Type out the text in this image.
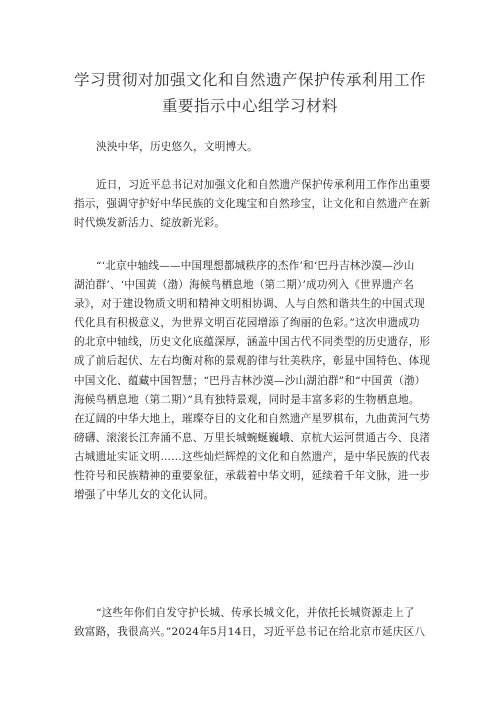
学习贯彻对加强文化和自然遗产保护传承利用工作
重要指示中心组学习材料
泱泱中华，历史悠久，文明博大。
近日，习近平总书记对加强文化和自然遗产保护传承利用工作作出重要
指示，强调守护好中华民族的文化瑰宝和自然珍宝，让文化和自然遗产在新
时代焕发新活力、绽放新光彩。
“‘北京中轴线——中国理想都城秩序的杰作’和‘巴丹吉林沙漠—沙山
湖泊群’、‘中国黄（渤）海候鸟栖息地（第二期）’成功列入《世界遗产名
录》，对于建设物质文明和精神文明相协调、人与自然和谐共生的中国式现
代化具有积极意义，为世界文明百花园增添了绚丽的色彩。”这次申遗成功
的北京中轴线，历史文化底蕴深厚，涵盖中国古代不同类型的历史遗存，形
成了前后起伏、左右均衡对称的景观韵律与壮美秩序，彰显中国特色、体现
中国文化、蕴藏中国智慧；“巴丹吉林沙漠—沙山湖泊群”和“中国黄（渤）
海候鸟栖息地（第二期）”具有独特景观，同时是丰富多彩的生物栖息地。
在辽阔的中华大地上，璀璨夺目的文化和自然遗产星罗棋布，九曲黄河气势
磅礴、滚滚长江奔涌不息、万里长城蜿蜒巍峨、京杭大运河贯通古今、良渚
古城遗址实证文明……这些灿烂辉煌的文化和自然遗产，是中华民族的代表
性符号和民族精神的重要象征，承载着中华文明，延续着千年文脉，进一步
增强了中华儿女的文化认同。
“这些年你们自发守护长城、传承长城文化，并依托长城资源走上了
致富路，我很高兴。”2024年5月14日，习近平总书记在给北京市延庆区八
